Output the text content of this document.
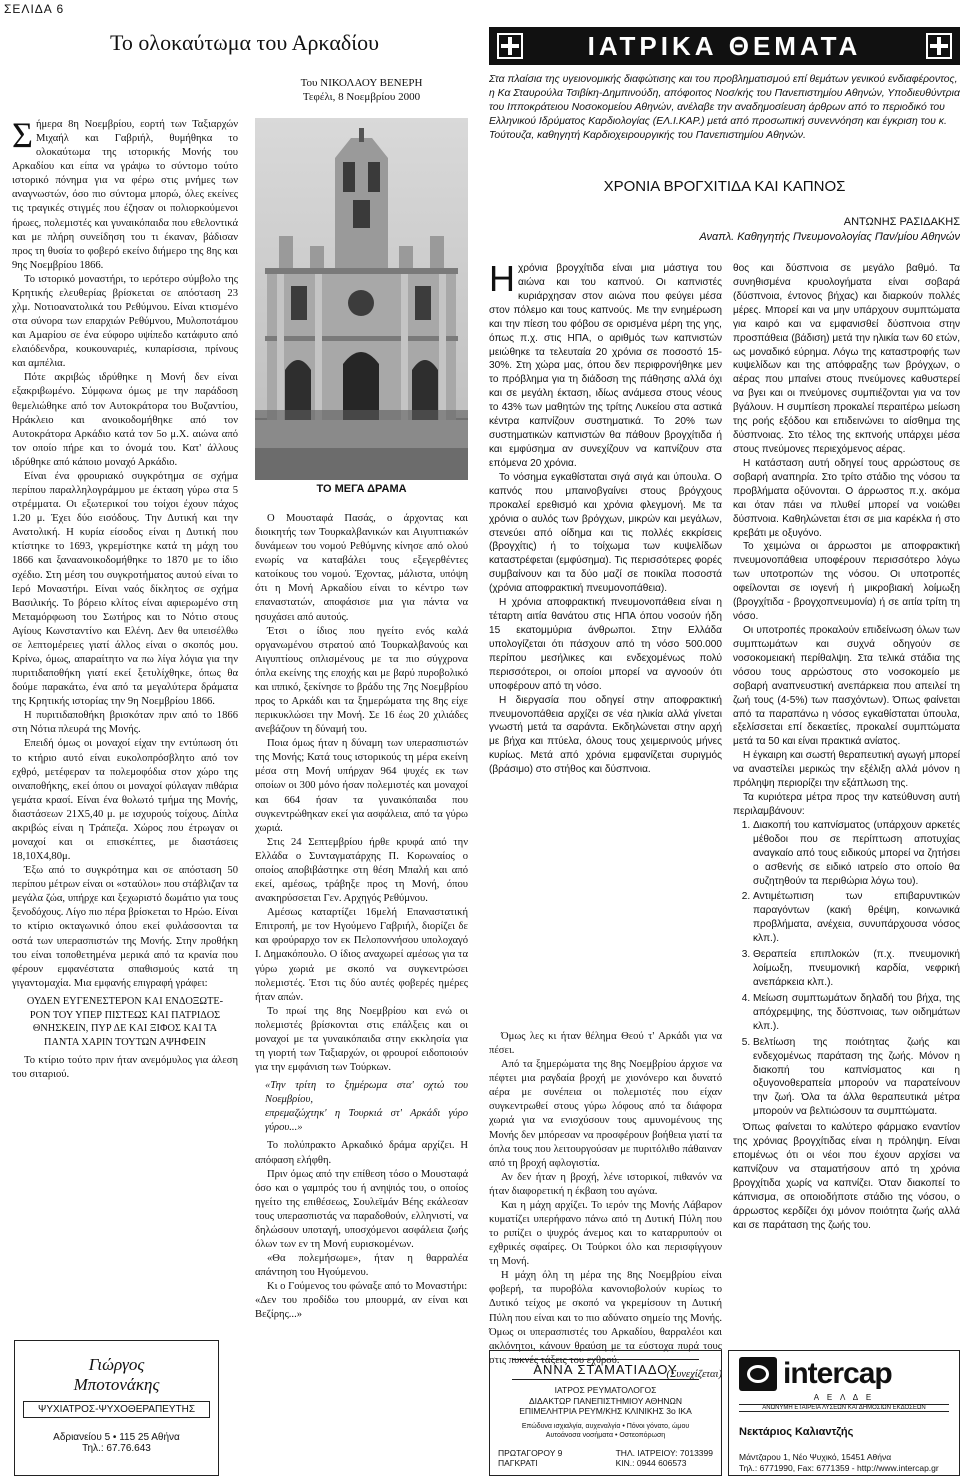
ΣΕΛΙΔΑ 6
Το ολοκαύτωμα του Αρκαδίου

Σήμερα 8η Νοεμβρίου, εορτή των Ταξιαρχών Μιχαήλ και Γαβριήλ, θυμήθηκα το ολοκαύτωμα της ιστορικής Μονής του Αρκαδίου και είπα να γράψω το σύντομο τούτο ιστορικό πόνημα για να φέρω στις μνήμες των αναγνωστών, όσο πιο σύντομα μπορώ, όλες εκείνες τις τραγικές στιγμές που έζησαν οι πολιορκούμενοι ήρωες, πολεμιστές και γυναικόπαιδα που εθελοντικά και με πλήρη συνείδηση του τι έκαναν, βάδισαν προς τη θυσία το φοβερό εκείνο διήμερο της 8ης και 9ης Νοεμβρίου 1866.

Το ιστορικό μοναστήρι, το ιερότερο σύμβολο της Κρητικής ελευθερίας βρίσκεται σε απόσταση 23 χλμ. Νοτιοανατολικά του Ρεθύμνου. Είναι κτισμένο στα σύνορα των επαρχιών Ρεθύμνου, Μυλοποτάμου και Αμαρίου σε ένα εύφορο υψίπεδο κατάφυτο από ελαιόδενδρα, κουκουναριές, κυπαρίσσια, πρίνους και αμπέλια.

Πότε ακριβώς ιδρύθηκε η Μονή δεν είναι εξακριβωμένο. Σύμφωνα όμως με την παράδοση θεμελιώθηκε από τον Αυτοκράτορα του Βυζαντίου, Ηράκλειο και ανοικοδομήθηκε από τον Αυτοκράτορα Αρκάδιο κατά τον 5ο μ.Χ. αιώνα από τον οποίο πήρε και το όνομά του. Κατ' άλλους ιδρύθηκε από κάποιο μοναχό Αρκάδιο.

Είναι ένα φρουριακό συγκρότημα σε σχήμα περίπου παραλληλογράμμου με έκταση γύρω στα 5 στρέμματα. Οι εξωτερικοί του τοίχοι έχουν πάχος 1.20 μ. Έχει δύο εισόδους. Την Δυτική και την Ανατολική. Η κυρία είσοδος είναι η Δυτική που κτίστηκε το 1693, γκρεμίστηκε κατά τη μάχη του 1866 και ξαναανοικοδομήθηκε το 1870 με το ίδιο σχέδιο. Στη μέση του συγκροτήματος αυτού είναι το Ιερό Μοναστήρι. Είναι ναός δίκλητος σε σχήμα Βασιλικής. Το βόρειο κλίτος είναι αφιερωμένο στη Μεταμόρφωση του Σωτήρος και το Νότιο στους Αγίους Κωνσταντίνο και Ελένη. Δεν θα υπεισέλθω σε λεπτομέρειες γιατί άλλος είναι ο σκοπός μου. Κρίνω, όμως, απαραίτητο να πω λίγα λόγια για την πυριτιδαποθήκη γιατί εκεί ξετυλίχθηκε, όπως θα δούμε παρακάτω, ένα από τα μεγαλύτερα δράματα της Κρητικής ιστορίας την 9η Νοεμβρίου 1866.

Η πυριτιδαποθήκη βρισκόταν πριν από το 1866 στη Νότια πλευρά της Μονής.

Επειδή όμως οι μοναχοί είχαν την εντύπωση ότι το κτήριο αυτό είναι ευκολοπρόσβλητο από τον εχθρό, μετέφεραν τα πολεμοφόδια στον χώρο της οιναποθήκης, εκεί όπου οι μοναχοί φύλαγαν πιθάρια γεμάτα κρασί. Είναι ένα θολωτό τμήμα της Μονής, διαστάσεων 21Χ5,40 μ. με ισχυρούς τοίχους. Δίπλα ακριβώς είναι η Τράπεζα. Χώρος που έτρωγαν οι μοναχοί και οι επισκέπτες, με διαστάσεις 18,10Χ4,80μ.

Έξω από το συγκρότημα και σε απόσταση 50 περίπου μέτρων είναι οι «σταύλοι» που στάβλιζαν τα μεγάλα ζώα, υπήρχε και ξεχωριστό δωμάτιο για τους ξενοδόχους. Λίγο πιο πέρα βρίσκεται το Ηρώο. Είναι το κτίριο οκταγωνικό όπου εκεί φυλάσσονται τα οστά των υπερασπιστών της Μονής. Στην προθήκη του είναι τοποθετημένα μερικά από τα κρανία που φέρουν εμφανέστατα σπαθισμούς κατά τη γιγαντομαχία. Μια εμφανής επιγραφή γράφει:

ΟΥΔΕΝ ΕΥΓΕΝΕΣΤΕΡΟΝ ΚΑΙ ΕΝΔΟΞΩΤΕ-
ΡΟΝ ΤΟΥ ΥΠΕΡ ΠΙΣΤΕΩΣ ΚΑΙ ΠΑΤΡΙΔΟΣ
ΘΝΗΣΚΕΙΝ, ΠΥΡ ΔΕ ΚΑΙ ΞΙΦΟΣ ΚΑΙ ΤΑ
ΠΑΝΤΑ ΧΑΡΙΝ ΤΟΥΤΩΝ ΑΨΗΦΕΙΝ

Το κτίριο τούτο πριν ήταν ανεμόμυλος για άλεση του σιταριού.

Του ΝΙΚΟΛΑΟΥ ΒΕΝΕΡΗ
Τεφέλι, 8 Νοεμβρίου 2000
ΤΟ ΜΕΓΑ ΔΡΑΜΑ

Ο Μουσταφά Πασάς, ο άρχοντας και διοικητής των Τουρκαλβανικών και Αιγυπτιακών δυνάμεων του νομού Ρεθύμνης κίνησε από ολού ενωρίς να καταβάλει τους εξεγερθέντες κατοίκους του νομού. Έχοντας, μάλιστα, υπόψη ότι η Μονή Αρκαδίου είναι το κέντρο των επαναστατών, αποφάσισε μια για πάντα να ησυχάσει από αυτούς.

Έτσι ο ίδιος που ηγείτο ενός καλά οργανωμένου στρατού από Τουρκαλβανούς και Αιγυπτίους οπλισμένους με τα πιο σύγχρονα όπλα εκείνης της εποχής και με βαρύ πυροβολικό και ιππικό, ξεκίνησε το βράδυ της 7ης Νοεμβρίου προς το Αρκάδι και τα ξημερώματα της 8ης είχε περικυκλώσει την Μονή. Σε 16 έως 20 χιλιάδες ανεβάζουν τη δύναμή του.

Ποια όμως ήταν η δύναμη των υπερασπιστών της Μονής; Κατά τους ιστορικούς τη μέρα εκείνη μέσα στη Μονή υπήρχαν 964 ψυχές εκ των οποίων οι 300 μόνο ήσαν πολεμιστές και μοναχοί και 664 ήσαν τα γυναικόπαιδα που συγκεντρώθηκαν εκεί για ασφάλεια, από τα γύρω χωριά.

Στις 24 Σεπτεμβρίου ήρθε κρυφά από την Ελλάδα ο Συνταγματάρχης Π. Κορωναίος ο οποίος αποβιβάστηκε στη θέση Μπαλή και από εκεί, αμέσως, τράβηξε προς τη Μονή, όπου ανακηρύσσεται Γεν. Αρχηγός Ρεθύμνου.

Αμέσως καταρτίζει 16μελή Επαναστατική Επιτροπή, με τον Ηγούμενο Γαβριήλ, διορίζει δε και φρούραρχο τον εκ Πελοποννήσου υπολοχαγό Ι. Δημακόπουλο. Ο ίδιος αναχωρεί αμέσως για τα γύρω χωριά με σκοπό να συγκεντρώσει πολεμιστές. Έτσι τις δύο αυτές φοβερές ημέρες ήταν απών.

Το πρωί της 8ης Νοεμβρίου και ενώ οι πολεμιστές βρίσκονται στις επάλξεις και οι μοναχοί με τα γυναικόπαιδα στην εκκλησία για τη γιορτή των Ταξιαρχών, οι φρουροί ειδοποιούν για την εμφάνιση των Τούρκων.

«Την τρίτη το ξημέρωμα στα' οχτώ του Νοεμβρίου,
επρεμαζώχτηκ' η Τουρκιά στ' Αρκάδι γύρο γύρου...»

Το πολύπρακτο Αρκαδικό δράμα αρχίζει. Η απόφαση ελήφθη.

Πριν όμως από την επίθεση τόσο ο Μουσταφά όσο και ο γαμπρός του ή ανηψιός του, ο οποίος ηγείτο της επιθέσεως, Σουλεϊμάν Βέης εκάλεσαν τους υπερασπιστάς να παραδοθούν, ελληνιστί, να δηλώσουν υποταγή, υποσχόμενοι ασφάλεια ζωής όλων των εν τη Μονή ευρισκομένων.

«Θα πολεμήσωμε», ήταν η θαρραλέα απάντηση του Ηγούμενου.

Κι ο Γούμενος του φώναξε από το Μοναστήρι:

«Δεν του προδίδω του μπουρμά, αν είναι και Βεζίρης...»

Όμως λες κι ήταν θέλημα Θεού τ' Αρκάδι για να πέσει.

Από τα ξημερώματα της 8ης Νοεμβρίου άρχισε να πέφτει μια ραγδαία βροχή με χιονόνερο και δυνατό αέρα με συνέπεια οι πολεμιστές που είχαν συγκεντρωθεί στους γύρω λόφους από τα διάφορα χωριά για να ενισχύσουν τους αμυνομένους της Μονής δεν μπόρεσαν να προσφέρουν βοήθεια γιατί τα όπλα τους που λειτουργούσαν με πυριτόλιθο πάθαιναν από τη βροχή αφλογιστία.

Αν δεν ήταν η βροχή, λένε ιστορικοί, πιθανόν να ήταν διαφορετική η έκβαση του αγώνα.

Και η μάχη αρχίζει. Το ιερόν της Μονής Λάβαρον κυματίζει υπερήφανο πάνω από τη Δυτική Πύλη που το ριπίζει ο ψυχρός άνεμος και το καταρρυπούν οι εχθρικές σφαίρες. Οι Τούρκοι όλο και περισφίγγουν τη Μονή.

Η μάχη όλη τη μέρα της 8ης Νοεμβρίου είναι φοβερή, τα πυροβόλα κανονιοβολούν κυρίως το Δυτικό τείχος με σκοπό να γκρεμίσουν τη Δυτική Πύλη που είναι και το πιο αδύνατο σημείο της Μονής. Όμως οι υπερασπιστές του Αρκαδίου, θαρραλέοι και ακλόνητοι, κάνουν θραύση με τα εύστοχα πυρά τους στις πυκνές τάξεις του εχθρού.

(Συνεχίζεται)

Γιώργος
Μποτονάκης
ΨΥΧΙΑΤΡΟΣ-ΨΥΧΟΘΕΡΑΠΕΥΤΗΣ
Αδριανείου 5 • 115 25 Αθήνα
Τηλ.: 67.76.643
ΙΑΤΡΙΚΑ ΘΕΜΑΤΑ
Στα πλαίσια της υγειονομικής διαφώτισης και του προβληματισμού επί θεμάτων γενικού ενδιαφέροντος, η Κα Σταυρούλα Τσιβίκη-Δημπινούδη, απόφοιτος Νοσ/κής του Πανεπιστημίου Αθηνών, Υποδιευθύντρια του Ιπποκράτειου Νοσοκομείου Αθηνών, ανέλαβε την αναδημοσίευση άρθρων από το περιοδικό του Ελληνικού Ιδρύματος Καρδιολογίας (ΕΛ.Ι.ΚΑΡ.) μετά από προσωπική συνεννόηση και έγκριση του κ. Τούτουζα, καθηγητή Καρδιοχειρουργικής του Πανεπιστημίου Αθηνών.
ΧΡΟΝΙΑ ΒΡΟΓΧΙΤΙΔΑ ΚΑΙ ΚΑΠΝΟΣ
ΑΝΤΩΝΗΣ ΡΑΣΙΔΑΚΗΣ
Αναπλ. Καθηγητής Πνευμονολογίας Παν/μίου Αθηνών

Ηχρόνια βρογχίτιδα είναι μια μάστιγα του αιώνα και του καπνού. Οι καπνιστές κυριάρχησαν στον αιώνα που φεύγει μέσα στον πόλεμο και τους καπνούς. Με την ενημέρωση και την πίεση του φόβου σε ορισμένα μέρη της γης, όπως π.χ. στις ΗΠΑ, ο αριθμός των καπνιστών μειώθηκε τα τελευταία 20 χρόνια σε ποσοστό 15-30%. Στη χώρα μας, όπου δεν περιφρονήθηκε μεν το πρόβλημα για τη διάδοση της πάθησης αλλά όχι και σε μεγάλη έκταση, ιδίως ανάμεσα στους νέους το 43% των μαθητών της τρίτης Λυκείου στα αστικά κέντρα καπνίζουν συστηματικά. Το 20% των συστηματικών καπνιστών θα πάθουν βρογχίτιδα ή και εμφύσημα αν συνεχίζουν να καπνίζουν στα επόμενα 20 χρόνια.

Το νόσημα εγκαθίσταται σιγά σιγά και ύπουλα. Ο καπνός που μπαινοβγαίνει στους βρόγχους προκαλεί ερεθισμό και χρόνια φλεγμονή. Με τα χρόνια ο αυλός των βρόγχων, μικρών και μεγάλων, στενεύει από οίδημα και τις πολλές εκκρίσεις (βρογχίτις) ή το τοίχωμα των κυψελίδων καταστρέφεται (εμφύσημα). Τις περισσότερες φορές συμβαίνουν και τα δύο μαζί σε ποικίλα ποσοστά (χρόνια αποφρακτική πνευμονοπάθεια).

Η χρόνια αποφρακτική πνευμονοπάθεια είναι η τέταρτη αιτία θανάτου στις ΗΠΑ όπου νοσούν ήδη 15 εκατομμύρια άνθρωποι. Στην Ελλάδα υπολογίζεται ότι πάσχουν από τη νόσο 500.000 περίπου μεσήλικες και ενδεχομένως πολύ περισσότεροι, οι οποίοι μπορεί να αγνοούν ότι υποφέρουν από τη νόσο.

Η διεργασία που οδηγεί στην αποφρακτική πνευμονοπάθεια αρχίζει σε νέα ηλικία αλλά γίνεται γνωστή μετά τα σαράντα. Εκδηλώνεται στην αρχή με βήχα και πτύελα, όλους τους χειμερινούς μήνες κυρίως. Μετά από χρόνια εμφανίζεται συριγμός (βράσιμο) στο στήθος και δύσπνοια.

θος και δύσπνοια σε μεγάλο βαθμό. Τα συνηθισμένα κρυολογήματα είναι σοβαρά (δύσπνοια, έντονος βήχας) και διαρκούν πολλές μέρες. Μπορεί και να μην υπάρχουν συμπτώματα για καιρό και να εμφανισθεί δύσπνοια στην προσπάθεια (βάδιση) μετά την ηλικία των 60 ετών, ως μοναδικό εύρημα. Λόγω της καταστροφής των κυψελίδων και της απόφραξης των βρόγχων, ο αέρας που μπαίνει στους πνεύμονες καθυστερεί να βγει και οι πνεύμονες συμπιέζονται για να τον βγάλουν. Η συμπίεση προκαλεί περαιτέρω μείωση της ροής εξόδου και επιδεινώνει το αίσθημα της δύσπνοιας. Στο τέλος της εκπνοής υπάρχει μέσα στους πνεύμονες περιεχόμενος αέρας.

Η κατάσταση αυτή οδηγεί τους αρρώστους σε σοβαρή αναπηρία. Στο τρίτο στάδιο της νόσου τα προβλήματα οξύνονται. Ο άρρωστος π.χ. ακόμα και όταν πάει να πλυθεί μπορεί να νοιώθει δύσπνοια. Καθηλώνεται έτσι σε μια καρέκλα ή στο κρεβάτι με οξυγόνο.

Το χειμώνα οι άρρωστοι με αποφρακτική πνευμονοπάθεια υποφέρουν περισσότερο λόγω των υποτροπών της νόσου. Οι υποτροπές οφείλονται σε ιογενή ή μικροβιακή λοίμωξη (βρογχίτιδα - βρογχοπνευμονία) ή σε αιτία τρίτη τη νόσο.

Οι υποτροπές προκαλούν επιδείνωση όλων των συμπτωμάτων και συχνά οδηγούν σε νοσοκομειακή περίθαλψη. Στα τελικά στάδια της νόσου τους αρρώστους στο νοσοκομείο με σοβαρή αναπνευστική ανεπάρκεια που απειλεί τη ζωή τους (4-5%) των πασχόντων). Όπως φαίνεται από τα παραπάνω η νόσος εγκαθίσταται ύπουλα, εξελίσσεται επί δεκαετίες, προκαλεί συμπτώματα μετά τα 50 και είναι πρακτικά ανίατος.

Η έγκαιρη και σωστή θεραπευτική αγωγή μπορεί να αναστείλει μερικώς την εξέλιξη αλλά μόνον η πρόληψη περιορίζει την εξάπλωση της.

Τα κυριότερα μέτρα προς την κατεύθυνση αυτή περιλαμβάνουν:

1. Διακοπή του καπνίσματος (υπάρχουν αρκετές μέθοδοι που σε περίπτωση αποτυχίας αναγκαίο από τους ειδικούς μπορεί να ζητήσει ο ασθενής σε ειδικό ιατρείο στο οποίο θα συζητηθούν τα περιθώρια λόγω του).
2. Αντιμέτωπιση των επιβαρυντικών παραγόντων (κακή θρέψη, κοινωνικά προβλήματα, ανέχεια, συνυπάρχουσα νόσος κλπ.).
3. Θεραπεία επιπλοκών (π.χ. πνευμονική λοίμωξη, πνευμονική καρδία, νεφρική ανεπάρκεια κλπ.).
4. Μείωση συμπτωμάτων δηλαδή του βήχα, της απόχρεμψης, της δύσπνοιας, των οιδημάτων κλπ.).
5. Βελτίωση της ποιότητας ζωής και ενδεχομένως παράταση της ζωής. Μόνον η διακοπή του καπνίσματος και η οξυγονοθεραπεία μπορούν να παρατείνουν την ζωή. Όλα τα άλλα θεραπευτικά μέτρα μπορούν να βελτιώσουν τα συμπτώματα.

Όπως φαίνεται το καλύτερο φάρμακο εναντίον της χρόνιας βρογχίτιδας είναι η πρόληψη. Είναι επομένως ότι οι νέοι που έχουν αρχίσει να καπνίζουν να σταματήσουν από τη χρόνια βρογχίτιδα χωρίς να καπνίζει. Όταν διακοπεί το κάπνισμα, σε οποιοδήποτε στάδιο της νόσου, ο άρρωστος κερδίζει όχι μόνον ποιότητα ζωής αλλά και σε παράταση της ζωής του.

ΑΝΝΑ ΣΤΑΜΑΤΙΑΔΟΥ
ΙΑΤΡΟΣ ΡΕΥΜΑΤΟΛΟΓΟΣ
ΔΙΔΑΚΤΩΡ ΠΑΝΕΠΙΣΤΗΜΙΟΥ ΑΘΗΝΩΝ
ΕΠΙΜΕΛΗΤΡΙΑ ΡΕΥΜ/ΚΗΣ ΚΛΙΝΙΚΗΣ 3ο ΙΚΑ
Επώδυνα ισχιαλγία, αυχεναλγία • Πόνοι γόνατο, ώμου
Αυτοάνοσα νοσήματα • Οστεοπόρωση
ΠΡΩΤΑΓΟΡΟΥ 9
ΠΑΓΚΡΑΤΙ
ΤΗΛ. ΙΑΤΡΕΙΟΥ: 7013399
ΚΙΝ.: 0944 606573
intercap
Α Ε Λ Δ Ε
ΑΝΩΝΥΜΗ ΕΤΑΙΡΕΙΑ ΛΥΣΕΩΝ ΚΑΙ ΔΗΜΟΣΙΩΝ ΕΚΔΟΣΕΩΝ
Νεκτάριος Καλιαντζής
Μάντζαρου 1, Νέο Ψυχικό, 15451 Αθήνα
Τηλ.: 6771990, Fax: 6771359 - http://www.intercap.gr
